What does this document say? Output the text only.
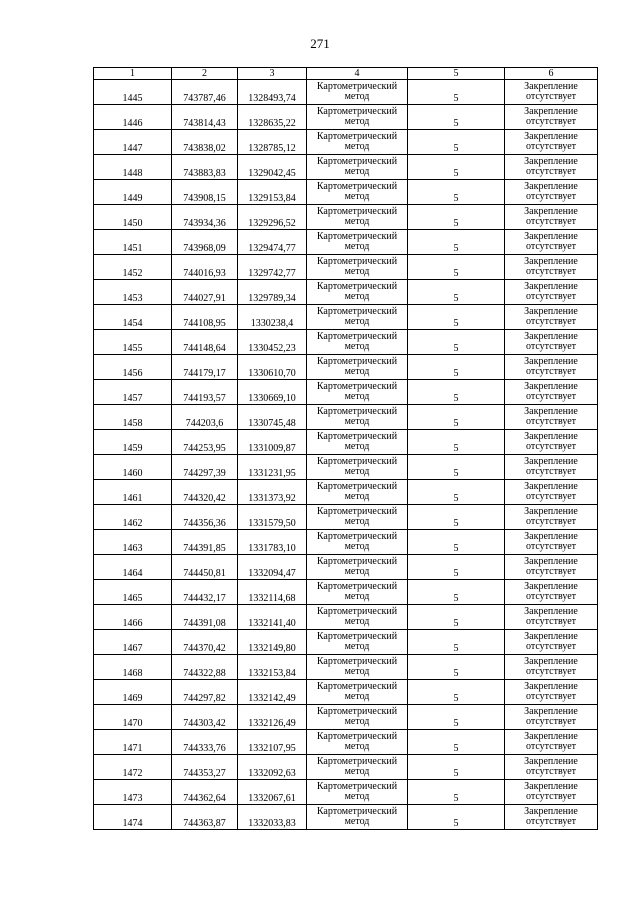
271
1	2	3	4	5	6
1445	743787,46	1328493,74	Картометрический метод	5	Закрепление отсутствует
1446	743814,43	1328635,22	Картометрический метод	5	Закрепление отсутствует
1447	743838,02	1328785,12	Картометрический метод	5	Закрепление отсутствует
1448	743883,83	1329042,45	Картометрический метод	5	Закрепление отсутствует
1449	743908,15	1329153,84	Картометрический метод	5	Закрепление отсутствует
1450	743934,36	1329296,52	Картометрический метод	5	Закрепление отсутствует
1451	743968,09	1329474,77	Картометрический метод	5	Закрепление отсутствует
1452	744016,93	1329742,77	Картометрический метод	5	Закрепление отсутствует
1453	744027,91	1329789,34	Картометрический метод	5	Закрепление отсутствует
1454	744108,95	1330238,4	Картометрический метод	5	Закрепление отсутствует
1455	744148,64	1330452,23	Картометрический метод	5	Закрепление отсутствует
1456	744179,17	1330610,70	Картометрический метод	5	Закрепление отсутствует
1457	744193,57	1330669,10	Картометрический метод	5	Закрепление отсутствует
1458	744203,6	1330745,48	Картометрический метод	5	Закрепление отсутствует
1459	744253,95	1331009,87	Картометрический метод	5	Закрепление отсутствует
1460	744297,39	1331231,95	Картометрический метод	5	Закрепление отсутствует
1461	744320,42	1331373,92	Картометрический метод	5	Закрепление отсутствует
1462	744356,36	1331579,50	Картометрический метод	5	Закрепление отсутствует
1463	744391,85	1331783,10	Картометрический метод	5	Закрепление отсутствует
1464	744450,81	1332094,47	Картометрический метод	5	Закрепление отсутствует
1465	744432,17	1332114,68	Картометрический метод	5	Закрепление отсутствует
1466	744391,08	1332141,40	Картометрический метод	5	Закрепление отсутствует
1467	744370,42	1332149,80	Картометрический метод	5	Закрепление отсутствует
1468	744322,88	1332153,84	Картометрический метод	5	Закрепление отсутствует
1469	744297,82	1332142,49	Картометрический метод	5	Закрепление отсутствует
1470	744303,42	1332126,49	Картометрический метод	5	Закрепление отсутствует
1471	744333,76	1332107,95	Картометрический метод	5	Закрепление отсутствует
1472	744353,27	1332092,63	Картометрический метод	5	Закрепление отсутствует
1473	744362,64	1332067,61	Картометрический метод	5	Закрепление отсутствует
1474	744363,87	1332033,83	Картометрический метод	5	Закрепление отсутствует
